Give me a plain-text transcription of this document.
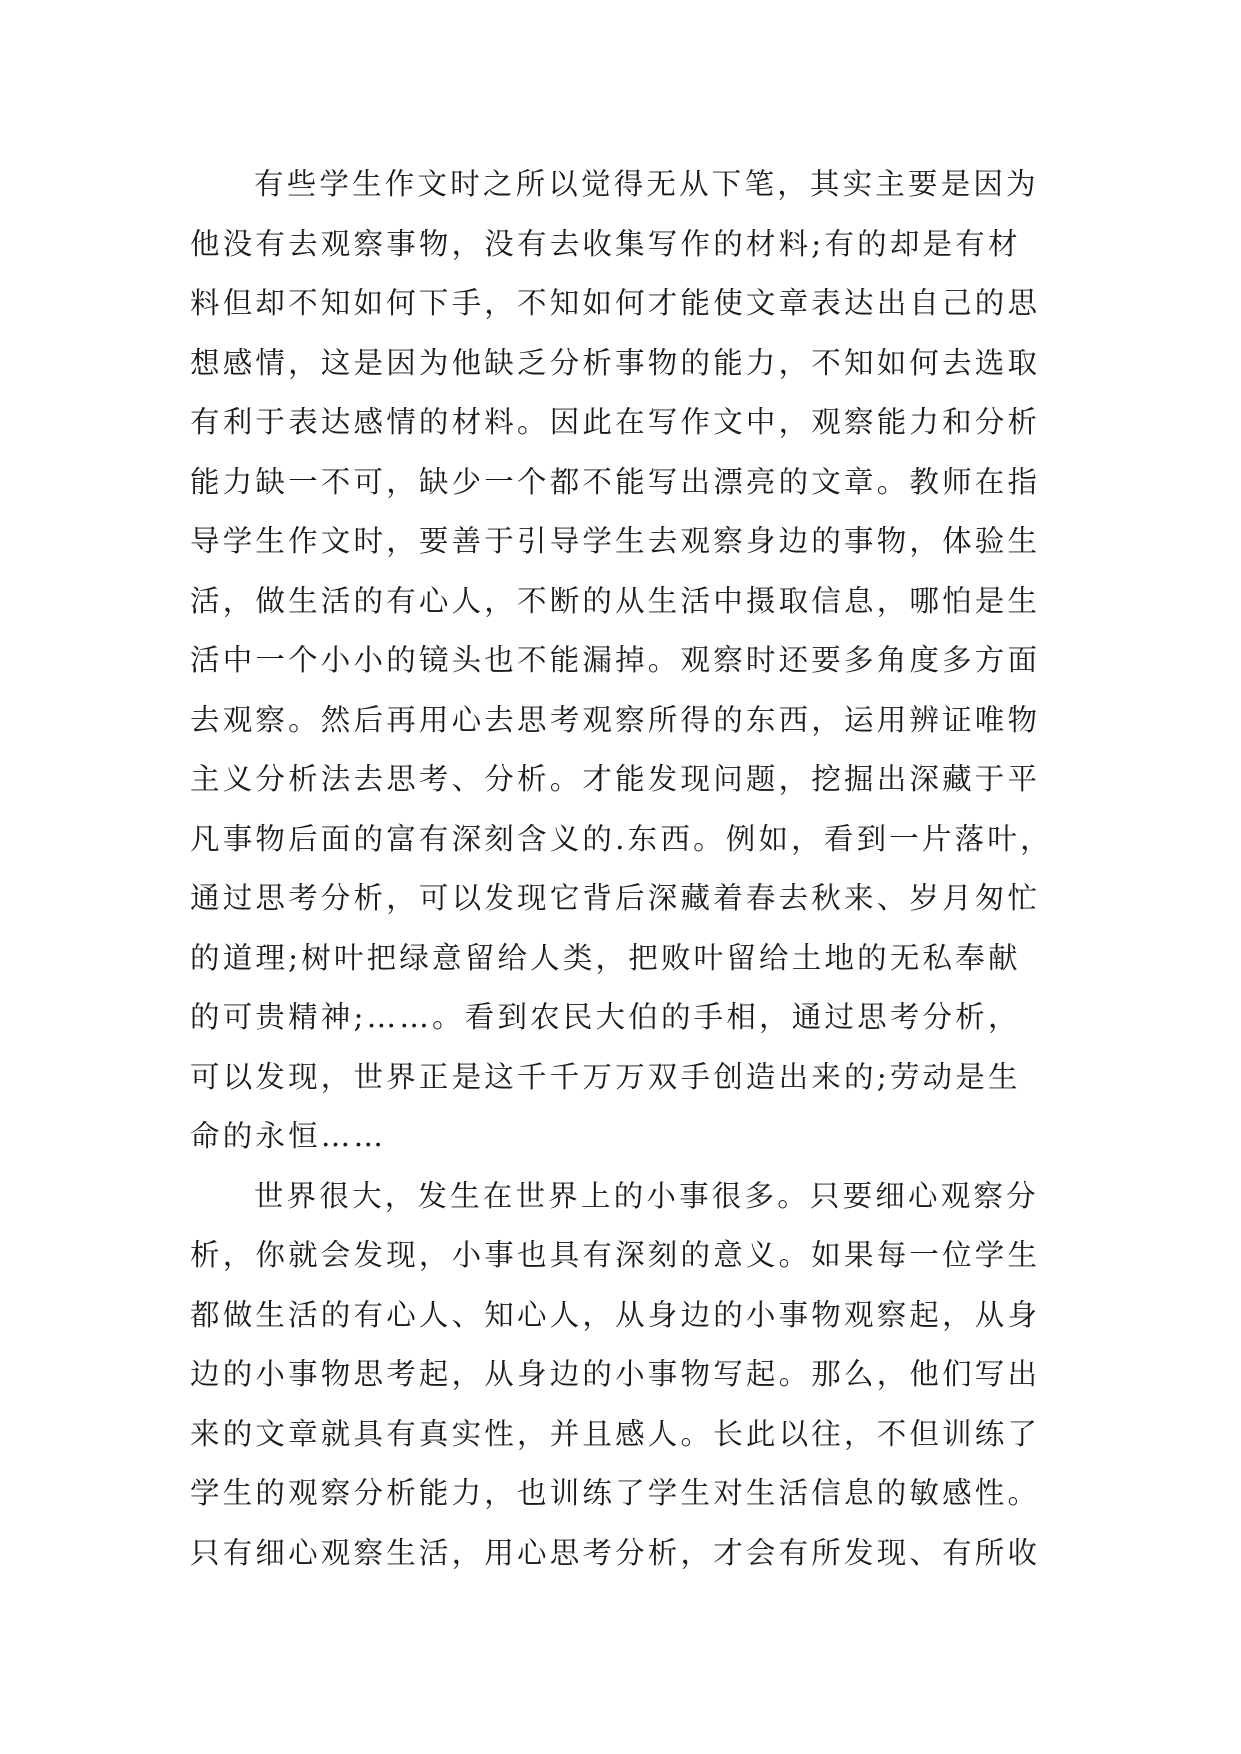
有些学生作文时之所以觉得无从下笔，其实主要是因为
他没有去观察事物，没有去收集写作的材料;有的却是有材
料但却不知如何下手，不知如何才能使文章表达出自己的思
想感情，这是因为他缺乏分析事物的能力，不知如何去选取
有利于表达感情的材料。因此在写作文中，观察能力和分析
能力缺一不可，缺少一个都不能写出漂亮的文章。教师在指
导学生作文时，要善于引导学生去观察身边的事物，体验生
活，做生活的有心人，不断的从生活中摄取信息，哪怕是生
活中一个小小的镜头也不能漏掉。观察时还要多角度多方面
去观察。然后再用心去思考观察所得的东西，运用辨证唯物
主义分析法去思考、分析。才能发现问题，挖掘出深藏于平
凡事物后面的富有深刻含义的.东西。例如，看到一片落叶，
通过思考分析，可以发现它背后深藏着春去秋来、岁月匆忙
的道理;树叶把绿意留给人类，把败叶留给土地的无私奉献
的可贵精神;……。看到农民大伯的手相，通过思考分析，
可以发现，世界正是这千千万万双手创造出来的;劳动是生
命的永恒……
世界很大，发生在世界上的小事很多。只要细心观察分
析，你就会发现，小事也具有深刻的意义。如果每一位学生
都做生活的有心人、知心人，从身边的小事物观察起，从身
边的小事物思考起，从身边的小事物写起。那么，他们写出
来的文章就具有真实性，并且感人。长此以往，不但训练了
学生的观察分析能力，也训练了学生对生活信息的敏感性。
只有细心观察生活，用心思考分析，才会有所发现、有所收
